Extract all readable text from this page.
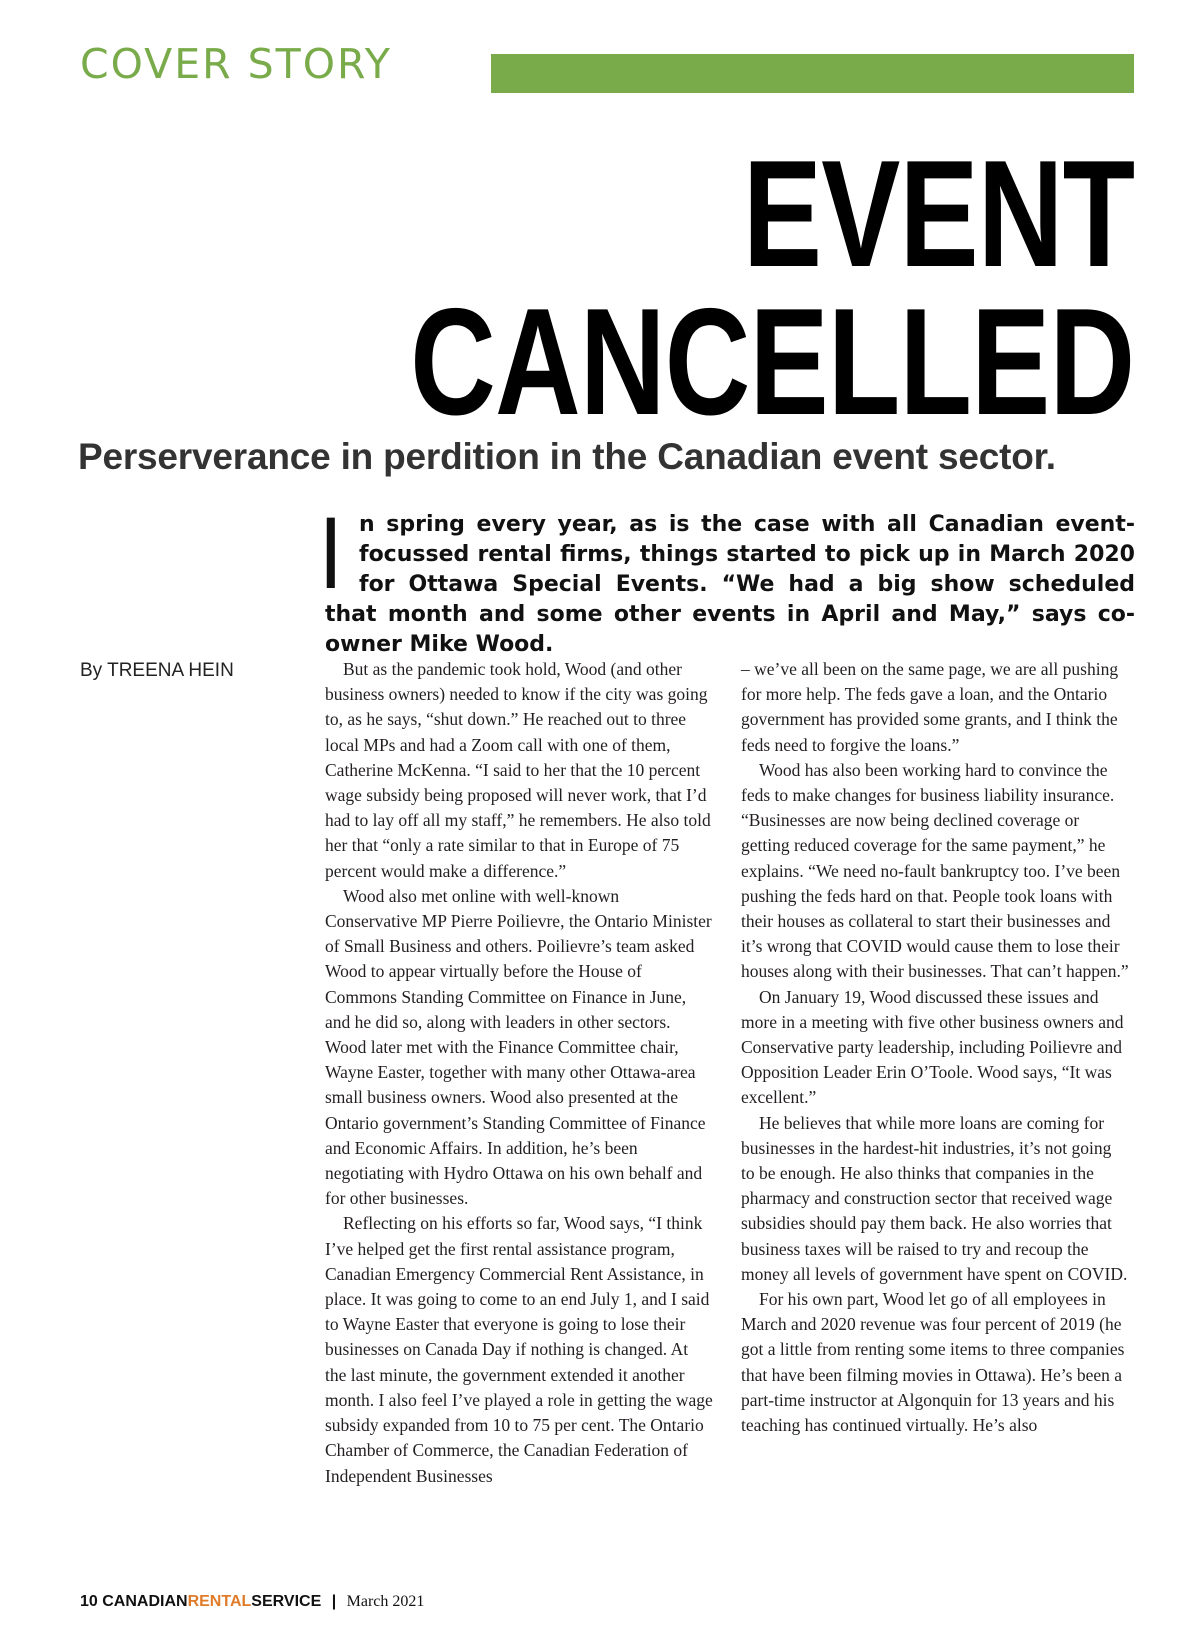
COVER STORY
EVENT
CANCELLED
Perserverance in perdition in the Canadian event sector.
I n spring every year, as is the case with all Canadian event-focussed rental firms, things started to pick up in March 2020 for Ottawa Special Events. “We had a big show scheduled that month and some other events in April and May,” says co-owner Mike Wood.
By TREENA HEIN	But as the pandemic took hold, Wood (and other business owners) needed to know if the city was going to, as he says, “shut down.” He reached out to three local MPs and had a Zoom call with one of them, Catherine McKenna. “I said to her that the 10 percent wage subsidy being proposed will never work, that I’d had to lay off all my staff,” he remembers. He also told her that “only a rate similar to that in Europe of 75 percent would make a difference.”

Wood also met online with well-known Conservative MP Pierre Poilievre, the Ontario Minister of Small Business and others. Poilievre’s team asked Wood to appear virtually before the House of Commons Standing Committee on Finance in June, and he did so, along with leaders in other sectors. Wood later met with the Finance Committee chair, Wayne Easter, together with many other Ottawa-area small business owners. Wood also presented at the Ontario government’s Standing Committee of Finance and Economic Affairs. In addition, he’s been negotiating with Hydro Ottawa on his own behalf and for other businesses.

Reflecting on his efforts so far, Wood says, “I think I’ve helped get the first rental assistance program, Canadian Emergency Commercial Rent Assistance, in place. It was going to come to an end July 1, and I said to Wayne Easter that everyone is going to lose their businesses on Canada Day if nothing is changed. At the last minute, the government extended it another month. I also feel I’ve played a role in getting the wage subsidy expanded from 10 to 75 per cent. The Ontario Chamber of Commerce, the Canadian Federation of Independent Businesses

– we’ve all been on the same page, we are all pushing for more help. The feds gave a loan, and the Ontario government has provided some grants, and I think the feds need to forgive the loans.”

Wood has also been working hard to convince the feds to make changes for business liability insurance. “Businesses are now being declined coverage or getting reduced coverage for the same payment,” he explains. “We need no-fault bankruptcy too. I’ve been pushing the feds hard on that. People took loans with their houses as collateral to start their businesses and it’s wrong that COVID would cause them to lose their houses along with their businesses. That can’t happen.”

On January 19, Wood discussed these issues and more in a meeting with five other business owners and Conservative party leadership, including Poilievre and Opposition Leader Erin O’Toole. Wood says, “It was excellent.”

He believes that while more loans are coming for businesses in the hardest-hit industries, it’s not going to be enough. He also thinks that companies in the pharmacy and construction sector that received wage subsidies should pay them back. He also worries that business taxes will be raised to try and recoup the money all levels of government have spent on COVID.

For his own part, Wood let go of all employees in March and 2020 revenue was four percent of 2019 (he got a little from renting some items to three companies that have been filming movies in Ottawa). He’s been a part-time instructor at Algonquin for 13 years and his teaching has continued virtually. He’s also

10 CANADIANRENTALSERVICE | March 2021
